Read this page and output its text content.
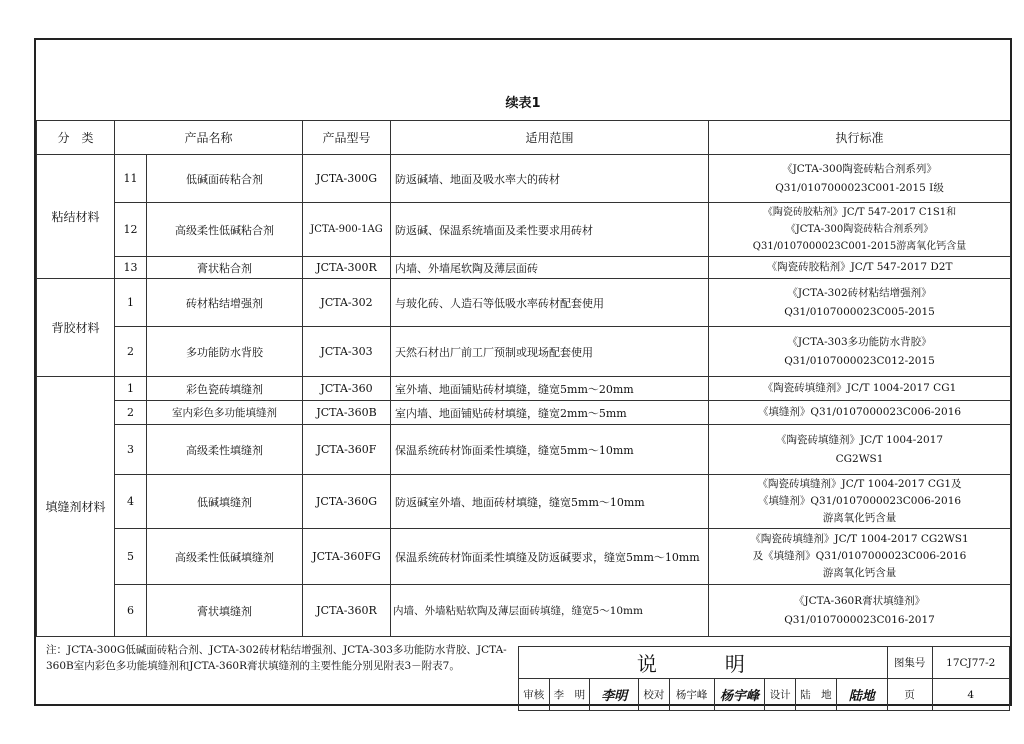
续表1
分　类	产品名称		产品型号	适用范围	执行标准
粘结材料	11	低碱面砖粘合剂	JCTA-300G	防返碱墙、地面及吸水率大的砖材	《JCTA-300陶瓷砖粘合剂系列》
Q31/0107000023C001-2015 Ⅰ级

	12	高级柔性低碱粘合剂	JCTA-900-1AG	防返碱、保温系统墙面及柔性要求用砖材	《陶瓷砖胶粘剂》JC/T 547-2017 C1S1和
《JCTA-300陶瓷砖粘合剂系列》
Q31/0107000023C001-2015游离氧化钙含量

	13	膏状粘合剂	JCTA-300R	内墙、外墙尾软陶及薄层面砖	《陶瓷砖胶粘剂》JC/T 547-2017 D2T

背胶材料	1	砖材粘结增强剂	JCTA-302	与玻化砖、人造石等低吸水率砖材配套使用	《JCTA-302砖材粘结增强剂》
Q31/0107000023C005-2015

	2	多功能防水背胶	JCTA-303	天然石材出厂前工厂预制或现场配套使用	《JCTA-303多功能防水背胶》
Q31/0107000023C012-2015

填缝剂材料	1	彩色瓷砖填缝剂	JCTA-360	室外墙、地面铺贴砖材填缝，缝宽5mm～20mm	《陶瓷砖填缝剂》JC/T 1004-2017 CG1

	2	室内彩色多功能填缝剂	JCTA-360B	室内墙、地面铺贴砖材填缝，缝宽2mm～5mm	《填缝剂》Q31/0107000023C006-2016

	3	高级柔性填缝剂	JCTA-360F	保温系统砖材饰面柔性填缝，缝宽5mm～10mm	《陶瓷砖填缝剂》JC/T 1004-2017
CG2WS1

	4	低碱填缝剂	JCTA-360G	防返碱室外墙、地面砖材填缝，缝宽5mm～10mm	《陶瓷砖填缝剂》JC/T 1004-2017 CG1及
《填缝剂》Q31/0107000023C006-2016
游离氧化钙含量

	5	高级柔性低碱填缝剂	JCTA-360FG	保温系统砖材饰面柔性填缝及防返碱要求，缝宽5mm～10mm	《陶瓷砖填缝剂》JC/T 1004-2017 CG2WS1
及《填缝剂》Q31/0107000023C006-2016
游离氧化钙含量

	6	膏状填缝剂	JCTA-360R	内墙、外墙粘贴软陶及薄层面砖填缝，缝宽5～10mm	《JCTA-360R膏状填缝剂》
Q31/0107000023C016-2017
注：JCTA-300G低碱面砖粘合剂、JCTA-302砖材粘结增强剂、JCTA-303多功能防水背胶、JCTA-360B室内彩色多功能填缝剂和JCTA-360R膏状填缝剂的主要性能分别见附表3－附表7。	说　明									图集号	17CJ77-2
审核	李　明	李明	校对	杨宇峰	杨宇峰	设计	陆　地	陆地	页	4
